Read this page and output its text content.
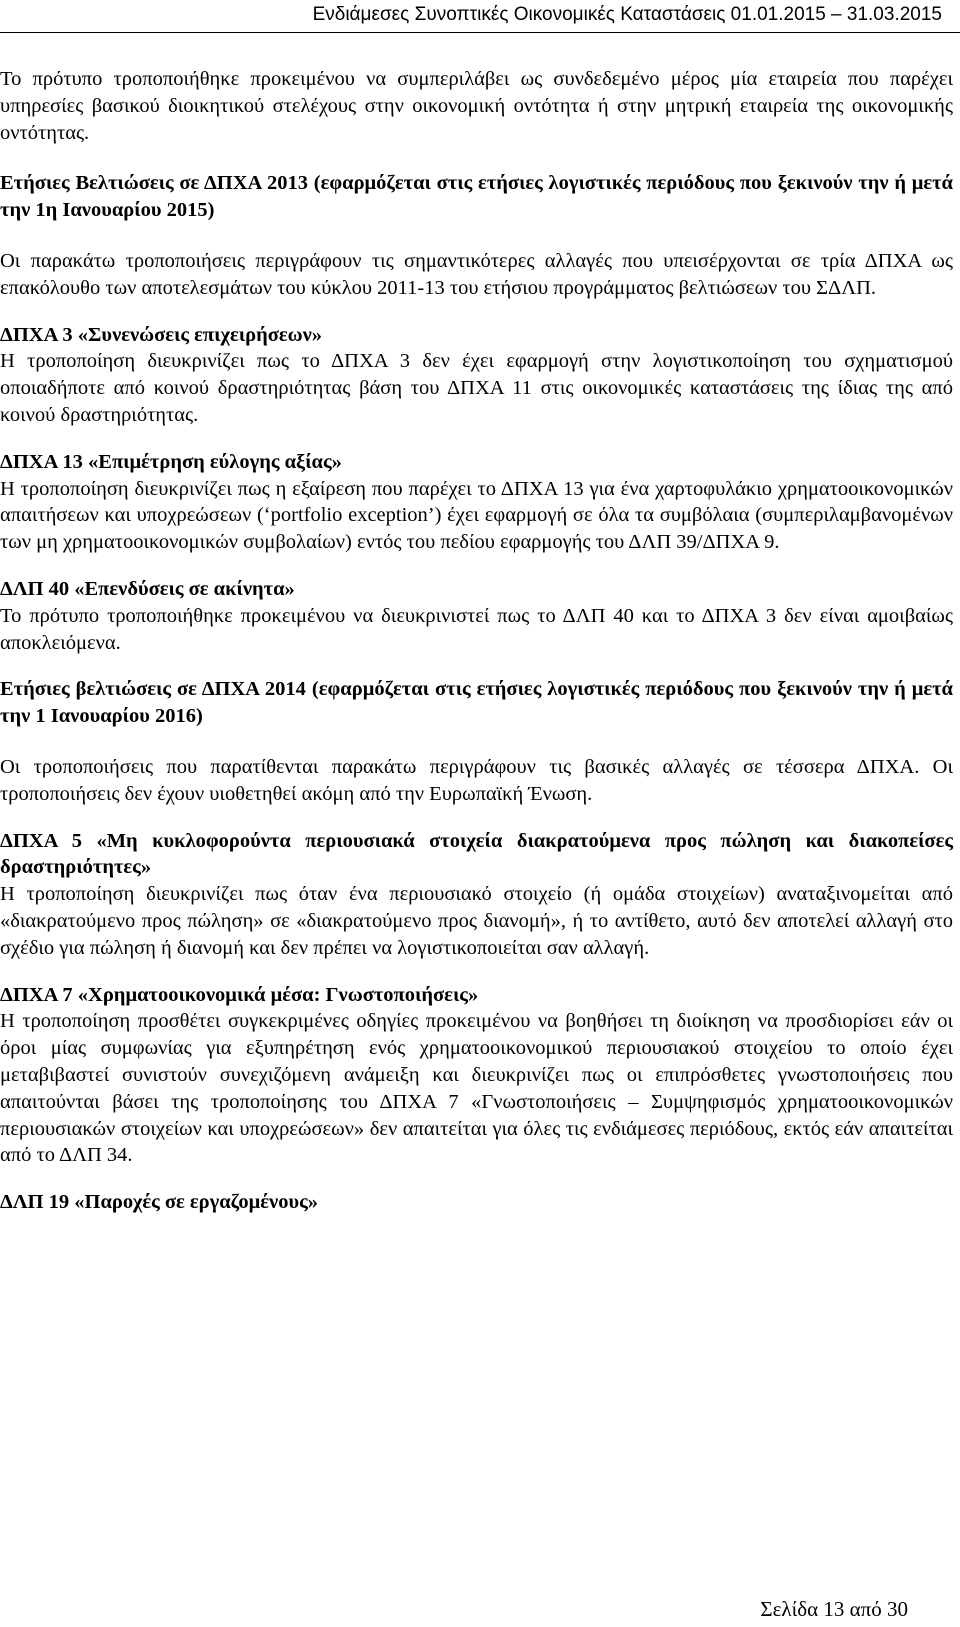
Ενδιάμεσες Συνοπτικές Οικονομικές Καταστάσεις 01.01.2015 – 31.03.2015

Το πρότυπο τροποποιήθηκε προκειμένου να συμπεριλάβει ως συνδεδεμένο μέρος μία εταιρεία που παρέχει υπηρεσίες βασικού διοικητικού στελέχους στην οικονομική οντότητα ή στην μητρική εταιρεία της οικονομικής οντότητας.

Ετήσιες Βελτιώσεις σε ΔΠΧΑ 2013 (εφαρμόζεται στις ετήσιες λογιστικές περιόδους που ξεκινούν την ή μετά την 1η Ιανουαρίου 2015)

Οι παρακάτω τροποποιήσεις περιγράφουν τις σημαντικότερες αλλαγές που υπεισέρχονται σε τρία ΔΠΧΑ ως επακόλουθο των αποτελεσμάτων του κύκλου 2011-13 του ετήσιου προγράμματος βελτιώσεων του ΣΔΛΠ.

ΔΠΧΑ 3 «Συνενώσεις επιχειρήσεων»

Η τροποποίηση διευκρινίζει πως το ΔΠΧΑ 3 δεν έχει εφαρμογή στην λογιστικοποίηση του σχηματισμού οποιαδήποτε από κοινού δραστηριότητας βάση του ΔΠΧΑ 11 στις οικονομικές καταστάσεις της ίδιας της από κοινού δραστηριότητας.

ΔΠΧΑ 13 «Επιμέτρηση εύλογης αξίας»

Η τροποποίηση διευκρινίζει πως η εξαίρεση που παρέχει το ΔΠΧΑ 13 για ένα χαρτοφυλάκιο χρηματοοικονομικών απαιτήσεων και υποχρεώσεων (‘portfolio exception’) έχει εφαρμογή σε όλα τα συμβόλαια (συμπεριλαμβανομένων των μη χρηματοοικονομικών συμβολαίων) εντός του πεδίου εφαρμογής του ΔΛΠ 39/ΔΠΧΑ 9.

ΔΛΠ 40 «Επενδύσεις σε ακίνητα»

Το πρότυπο τροποποιήθηκε προκειμένου να διευκρινιστεί πως το ΔΛΠ 40 και το ΔΠΧΑ 3 δεν είναι αμοιβαίως αποκλειόμενα.

Ετήσιες βελτιώσεις σε ΔΠΧΑ 2014 (εφαρμόζεται στις ετήσιες λογιστικές περιόδους που ξεκινούν την ή μετά την 1 Ιανουαρίου 2016)

Οι τροποποιήσεις που παρατίθενται παρακάτω περιγράφουν τις βασικές αλλαγές σε τέσσερα ΔΠΧΑ. Οι τροποποιήσεις δεν έχουν υιοθετηθεί ακόμη από την Ευρωπαϊκή Ένωση.

ΔΠΧΑ 5 «Μη κυκλοφορούντα περιουσιακά στοιχεία διακρατούμενα προς πώληση και διακοπείσες δραστηριότητες»

Η τροποποίηση διευκρινίζει πως όταν ένα περιουσιακό στοιχείο (ή ομάδα στοιχείων) αναταξινομείται από «διακρατούμενο προς πώληση» σε «διακρατούμενο προς διανομή», ή το αντίθετο, αυτό δεν αποτελεί αλλαγή στο σχέδιο για πώληση ή διανομή και δεν πρέπει να λογιστικοποιείται σαν αλλαγή.

ΔΠΧΑ 7 «Χρηματοοικονομικά μέσα: Γνωστοποιήσεις»

Η τροποποίηση προσθέτει συγκεκριμένες οδηγίες προκειμένου να βοηθήσει τη διοίκηση να προσδιορίσει εάν οι όροι μίας συμφωνίας για εξυπηρέτηση ενός χρηματοοικονομικού περιουσιακού στοιχείου το οποίο έχει μεταβιβαστεί συνιστούν συνεχιζόμενη ανάμειξη και διευκρινίζει πως οι επιπρόσθετες γνωστοποιήσεις που απαιτούνται βάσει της τροποποίησης του ΔΠΧΑ 7 «Γνωστοποιήσεις – Συμψηφισμός χρηματοοικονομικών περιουσιακών στοιχείων και υποχρεώσεων» δεν απαιτείται για όλες τις ενδιάμεσες περιόδους, εκτός εάν απαιτείται από το ΔΛΠ 34.

ΔΛΠ 19 «Παροχές σε εργαζομένους»

Σελίδα 13 από 30
